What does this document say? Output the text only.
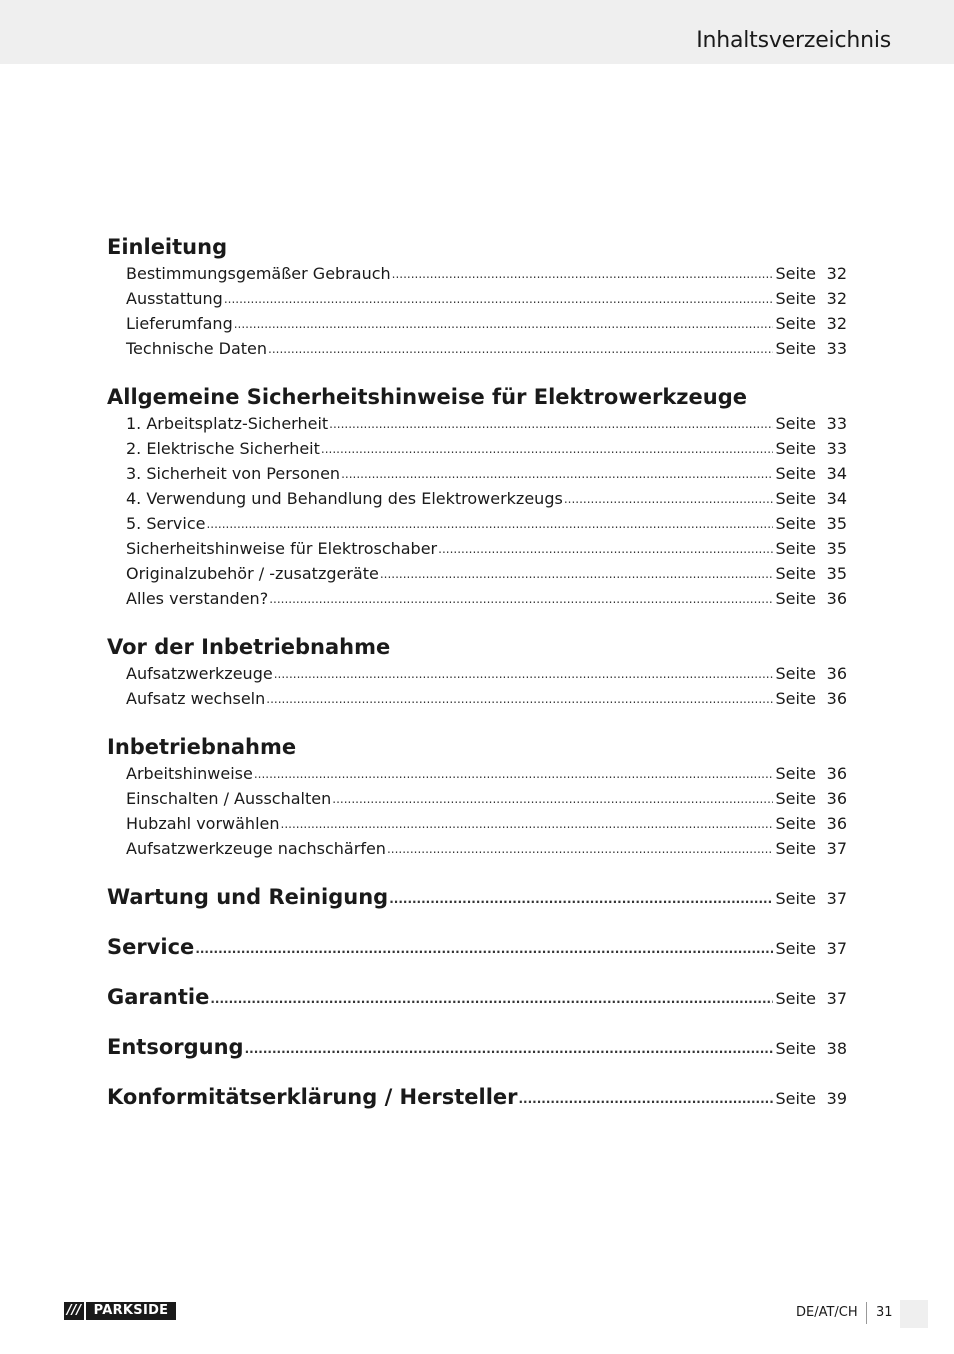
Inhaltsverzeichnis
Einleitung
Bestimmungsgemäßer Gebrauch .....	Seite 32
Ausstattung .....	Seite 32
Lieferumfang .....	Seite 32
Technische Daten .....	Seite 33
Allgemeine Sicherheitshinweise für Elektrowerkzeuge
1. Arbeitsplatz-Sicherheit .....	Seite 33
2. Elektrische Sicherheit .....	Seite 33
3. Sicherheit von Personen .....	Seite 34
4. Verwendung und Behandlung des Elektrowerkzeugs .....	Seite 34
5. Service .....	Seite 35
Sicherheitshinweise für Elektroschaber .....	Seite 35
Originalzubehör / -zusatzgeräte .....	Seite 35
Alles verstanden? .....	Seite 36
Vor der Inbetriebnahme
Aufsatzwerkzeuge .....	Seite 36
Aufsatz wechseln .....	Seite 36
Inbetriebnahme
Arbeitshinweise .....	Seite 36
Einschalten / Ausschalten .....	Seite 36
Hubzahl vorwählen .....	Seite 36
Aufsatzwerkzeuge nachschärfen .....	Seite 37
Wartung und Reinigung .....	Seite 37
Service .....	Seite 37
Garantie .....	Seite 37
Entsorgung .....	Seite 38
Konformitätserklärung / Hersteller .....	Seite 39
/// PARKSIDE	DE/AT/CH 31
